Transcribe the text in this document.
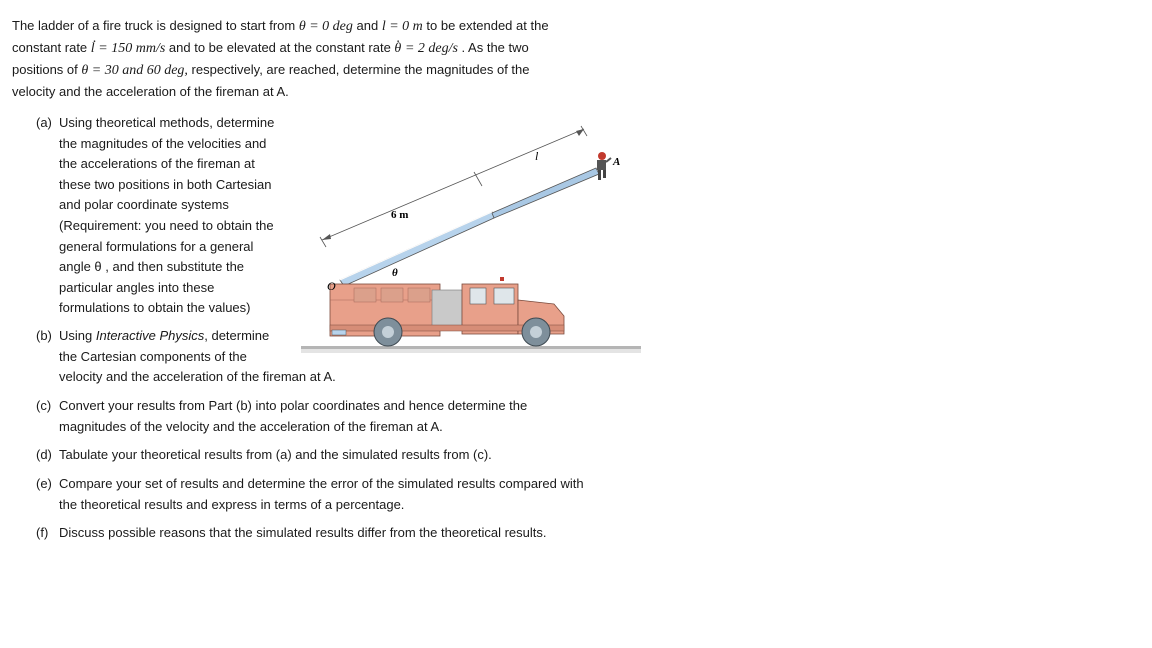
The ladder of a fire truck is designed to start from θ = 0 deg and l = 0 m to be extended at the
constant rate . l = 150 mm/s and to be elevated at the constant rate . θ = 2 deg/s . As the two
positions of θ = 30 and 60 deg, respectively, are reached, determine the magnitudes of the
velocity and the acceleration of the fireman at A.
(a) Using theoretical methods, determine
the magnitudes of the velocities and
the accelerations of the fireman at
these two positions in both Cartesian
and polar coordinate systems
(Requirement: you need to obtain the
general formulations for a general
angle θ , and then substitute the
particular angles into these
formulations to obtain the values)
(b) Using Interactive Physics, determine
the Cartesian components of the
velocity and the acceleration of the fireman at A.
(c) Convert your results from Part (b) into polar coordinates and hence determine the
magnitudes of the velocity and the acceleration of the fireman at A.
(d) Tabulate your theoretical results from (a) and the simulated results from (c).
(e) Compare your set of results and determine the error of the simulated results compared with
the theoretical results and express in terms of a percentage.
(f) Discuss possible reasons that the simulated results differ from the theoretical results.
6 m
l
θ
O
A
